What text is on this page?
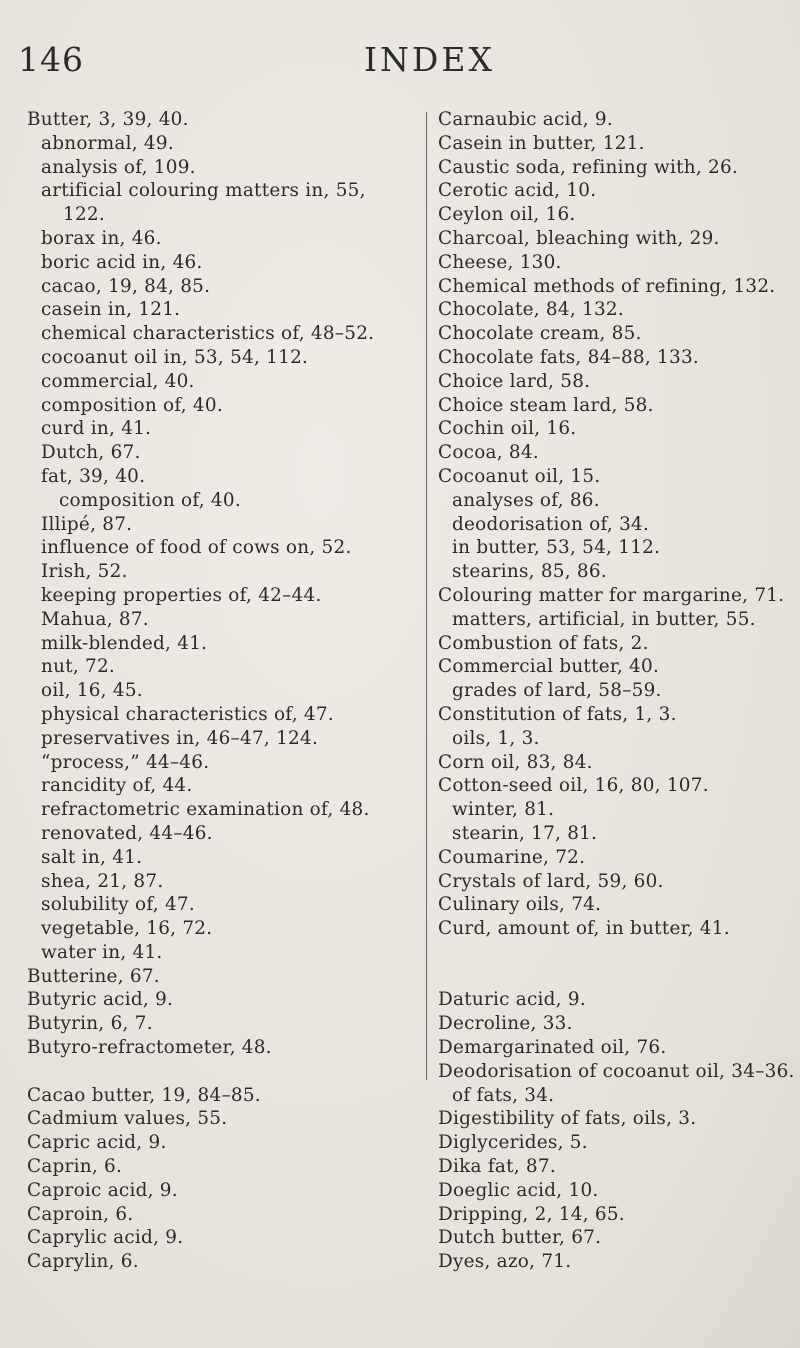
146	INDEX
Butter, 3, 39, 40.
abnormal, 49.
analysis of, 109.
artificial colouring matters in, 55,
122.
borax in, 46.
boric acid in, 46.
cacao, 19, 84, 85.
casein in, 121.
chemical characteristics of, 48–52.
cocoanut oil in, 53, 54, 112.
commercial, 40.
composition of, 40.
curd in, 41.
Dutch, 67.
fat, 39, 40.
composition of, 40.
Illipé, 87.
influence of food of cows on, 52.
Irish, 52.
keeping properties of, 42–44.
Mahua, 87.
milk-blended, 41.
nut, 72.
oil, 16, 45.
physical characteristics of, 47.
preservatives in, 46–47, 124.
“process,” 44–46.
rancidity of, 44.
refractometric examination of, 48.
renovated, 44–46.
salt in, 41.
shea, 21, 87.
solubility of, 47.
vegetable, 16, 72.
water in, 41.
Butterine, 67.
Butyric acid, 9.
Butyrin, 6, 7.
Butyro-refractometer, 48.
Cacao butter, 19, 84–85.
Cadmium values, 55.
Capric acid, 9.
Caprin, 6.
Caproic acid, 9.
Caproin, 6.
Caprylic acid, 9.
Caprylin, 6.
Carnaubic acid, 9.
Casein in butter, 121.
Caustic soda, refining with, 26.
Cerotic acid, 10.
Ceylon oil, 16.
Charcoal, bleaching with, 29.
Cheese, 130.
Chemical methods of refining, 132.
Chocolate, 84, 132.
Chocolate cream, 85.
Chocolate fats, 84–88, 133.
Choice lard, 58.
Choice steam lard, 58.
Cochin oil, 16.
Cocoa, 84.
Cocoanut oil, 15.
analyses of, 86.
deodorisation of, 34.
in butter, 53, 54, 112.
stearins, 85, 86.
Colouring matter for margarine, 71.
matters, artificial, in butter, 55.
Combustion of fats, 2.
Commercial butter, 40.
grades of lard, 58–59.
Constitution of fats, 1, 3.
oils, 1, 3.
Corn oil, 83, 84.
Cotton-seed oil, 16, 80, 107.
winter, 81.
stearin, 17, 81.
Coumarine, 72.
Crystals of lard, 59, 60.
Culinary oils, 74.
Curd, amount of, in butter, 41.
Daturic acid, 9.
Decroline, 33.
Demargarinated oil, 76.
Deodorisation of cocoanut oil, 34–36.
of fats, 34.
Digestibility of fats, oils, 3.
Diglycerides, 5.
Dika fat, 87.
Doeglic acid, 10.
Dripping, 2, 14, 65.
Dutch butter, 67.
Dyes, azo, 71.
